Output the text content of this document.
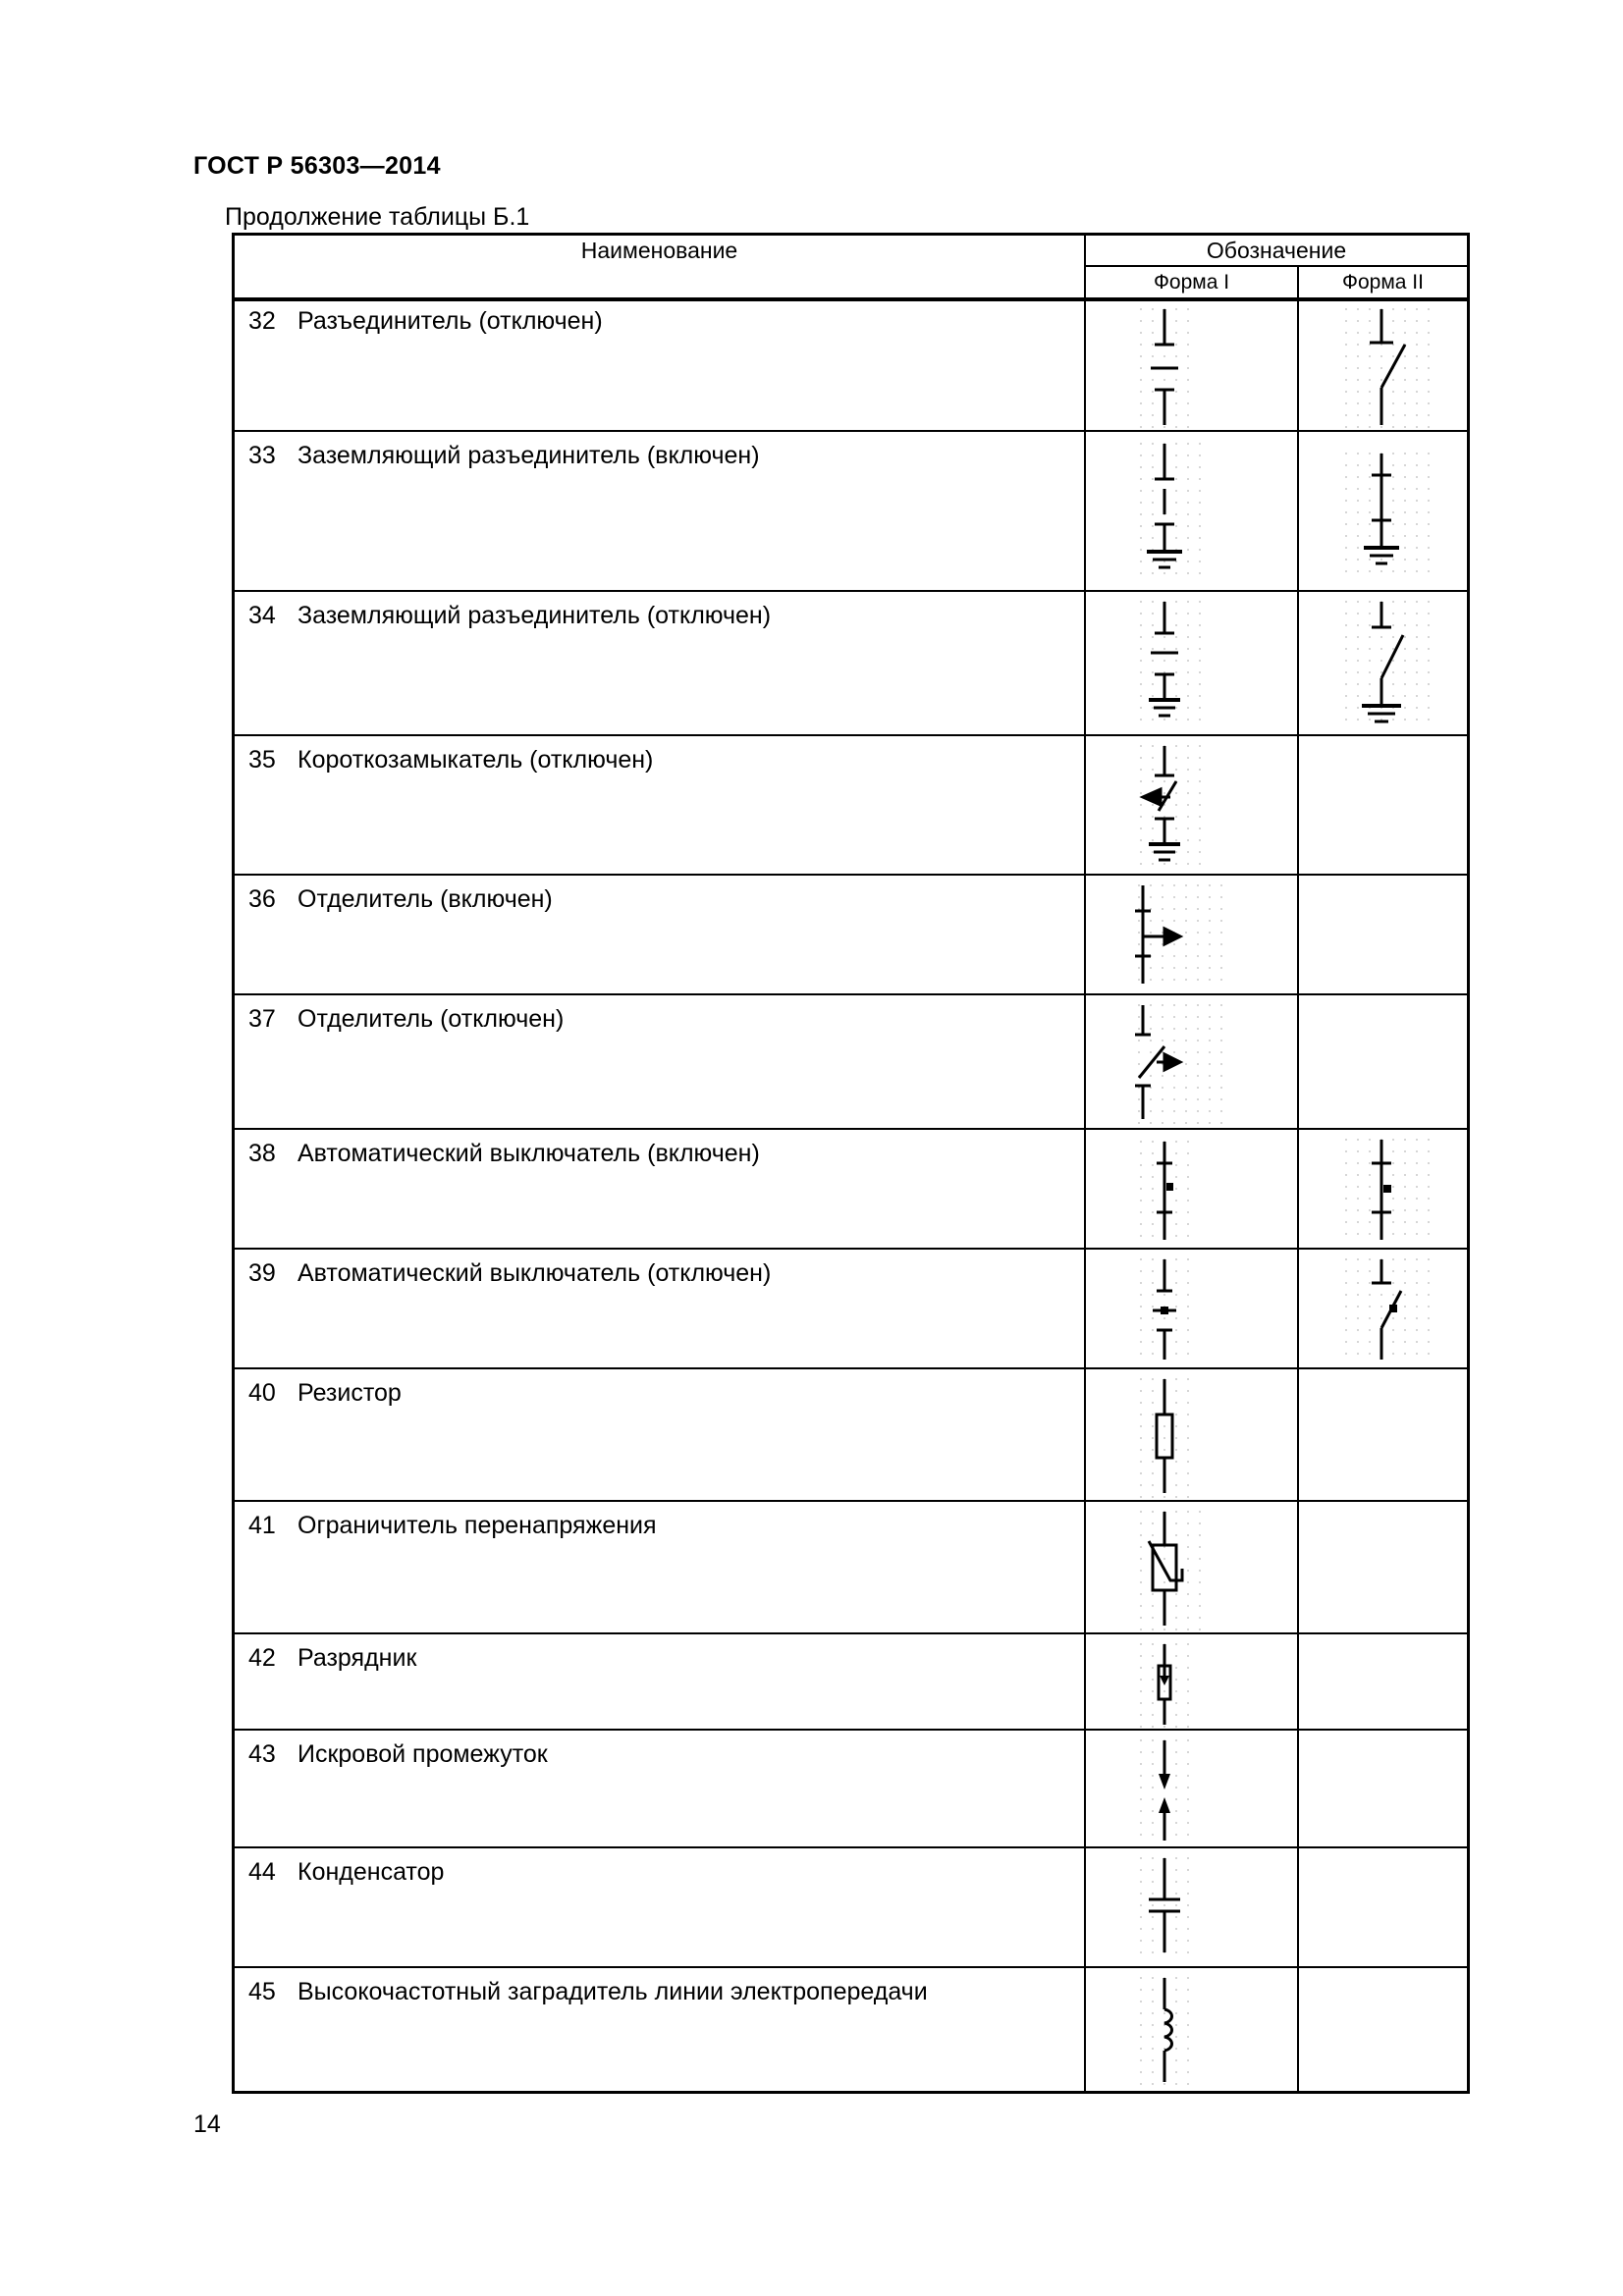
ГОСТ Р 56303—2014
Продолжение таблицы Б.1
Наименование	Обозначение
Форма I	Форма II
32 Разъединитель (отключен)
33 Заземляющий разъединитель (включен)
34 Заземляющий разъединитель (отключен)
35 Короткозамыкатель (отключен)
36 Отделитель (включен)
37 Отделитель (отключен)
38 Автоматический выключатель (включен)
39 Автоматический выключатель (отключен)
40 Резистор
41 Ограничитель перенапряжения
42 Разрядник
43 Искровой промежуток
44 Конденсатор
45 Высокочастотный заградитель линии электропередачи
14
